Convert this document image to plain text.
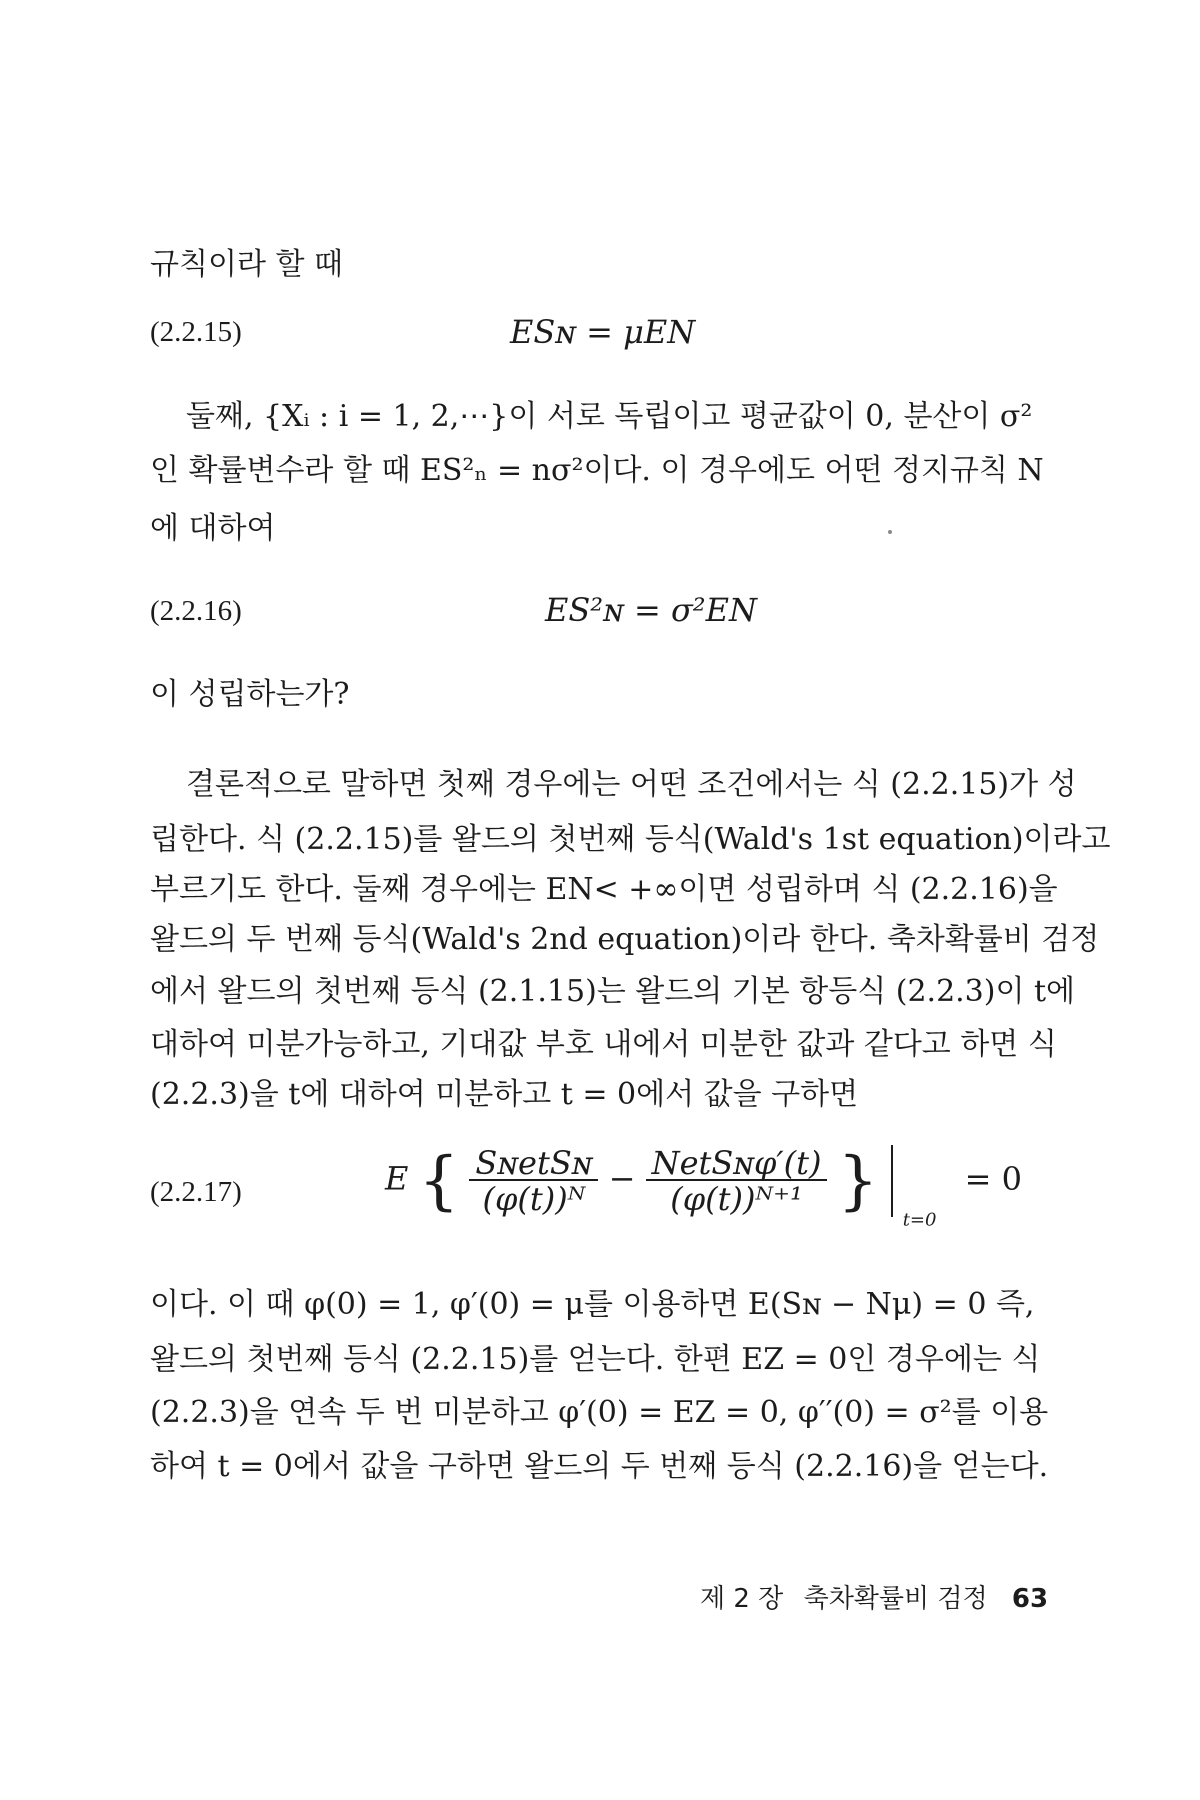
규칙이라 할 때
(2.2.15)	ESɴ = μEN
둘째, {Xᵢ : i = 1, 2,⋯}이 서로 독립이고 평균값이 0, 분산이 σ²
인 확률변수라 할 때 ES²ₙ = nσ²이다. 이 경우에도 어떤 정지규칙 N
에 대하여
(2.2.16)	ES²ɴ = σ²EN
이 성립하는가?
결론적으로 말하면 첫째 경우에는 어떤 조건에서는 식 (2.2.15)가 성
립한다. 식 (2.2.15)를 왈드의 첫번째 등식(Wald's 1st equation)이라고
부르기도 한다. 둘째 경우에는 EN< +∞이면 성립하며 식 (2.2.16)을
왈드의 두 번째 등식(Wald's 2nd equation)이라 한다. 축차확률비 검정
에서 왈드의 첫번째 등식 (2.1.15)는 왈드의 기본 항등식 (2.2.3)이 t에
대하여 미분가능하고, 기대값 부호 내에서 미분한 값과 같다고 하면 식
(2.2.3)을 t에 대하여 미분하고 t = 0에서 값을 구하면
(2.2.17)	E { $\frac{\text{SɴetSɴ}}{\text{(φ(t))ᴺ}} - \frac{\text{NetSɴφ′(t)}}{\text{(φ(t))ᴺ⁺¹}}$ }  $_{t=0}$ = 0
이다. 이 때 φ(0) = 1, φ′(0) = μ를 이용하면 E(Sɴ − Nμ) = 0 즉,
왈드의 첫번째 등식 (2.2.15)를 얻는다. 한편 EZ = 0인 경우에는 식
(2.2.3)을 연속 두 번 미분하고 φ′(0) = EZ = 0, φ′′(0) = σ²를 이용
하여 t = 0에서 값을 구하면 왈드의 두 번째 등식 (2.2.16)을 얻는다.
제 2 장 축차확률비 검정 63
